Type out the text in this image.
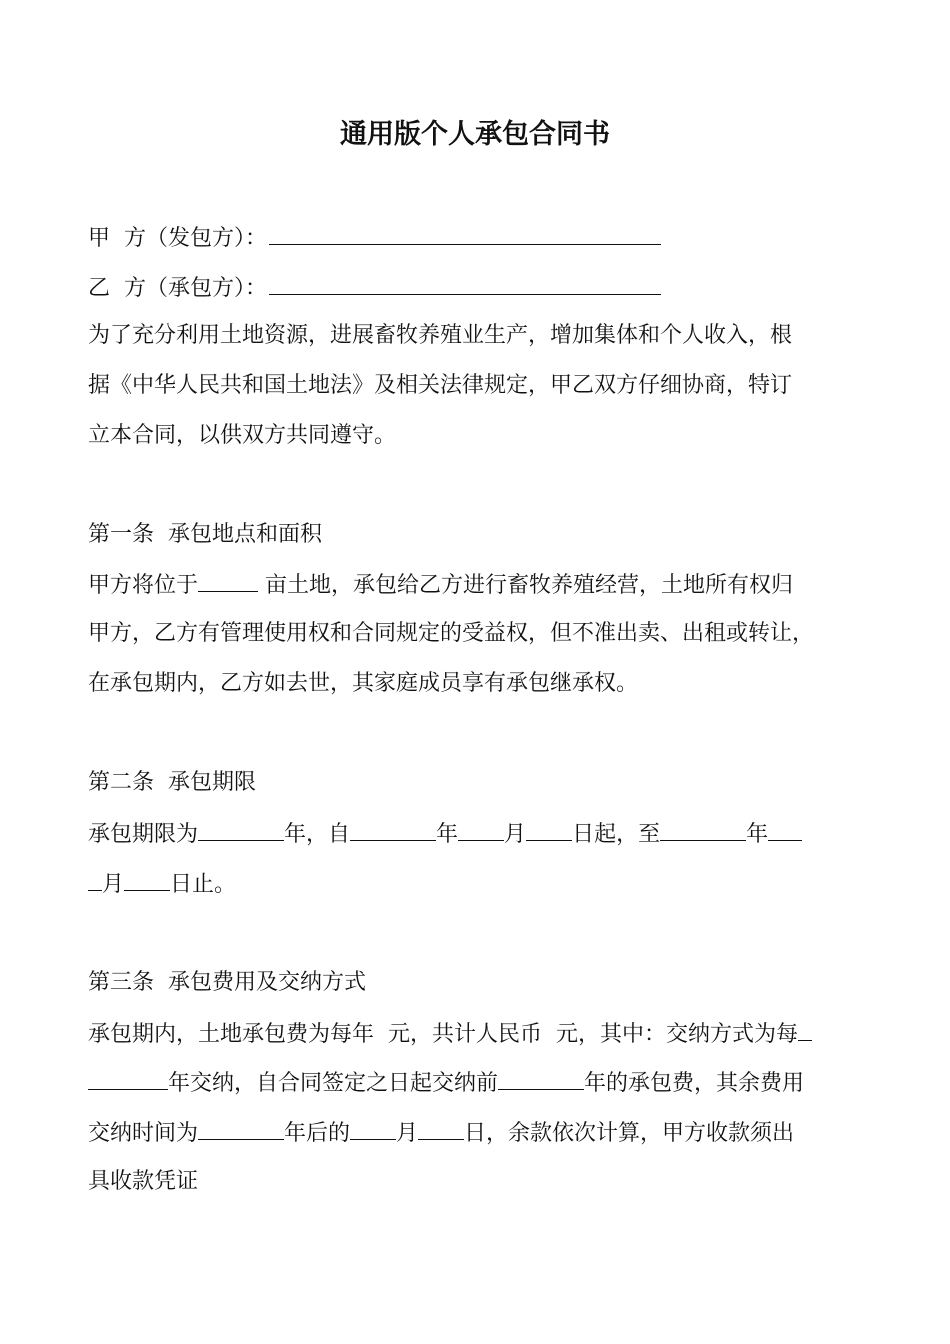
通用版个人承包合同书
甲  方（发包方）：
乙  方（承包方）：
为了充分利用土地资源，进展畜牧养殖业生产，增加集体和个人收入，根
据《中华人民共和国土地法》及相关法律规定，甲乙双方仔细协商，特订
立本合同，以供双方共同遵守。
第一条  承包地点和面积
甲方将位于	亩土地，承包给乙方进行畜牧养殖经营，土地所有权归
甲方，乙方有管理使用权和合同规定的受益权，但不准出卖、出租或转让，
在承包期内，乙方如去世，其家庭成员享有承包继承权。
第二条  承包期限
承包期限为	年，自	年 月 日起，至	年
月 日止。
第三条  承包费用及交纳方式
承包期内，土地承包费为每年  元，共计人民币  元，其中：交纳方式为每
年交纳，自合同签定之日起交纳前	年的承包费，其余费用
交纳时间为	年后的 月 日，余款依次计算，甲方收款须出
具收款凭证
